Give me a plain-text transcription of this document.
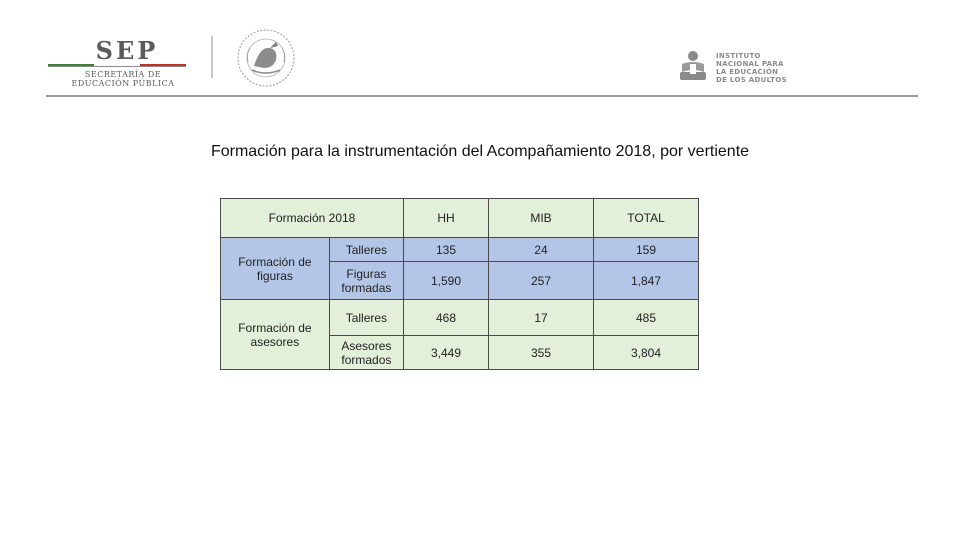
SEP
SECRETARÍA DE
EDUCACIÓN PÚBLICA
INSTITUTO
NACIONAL PARA
LA EDUCACIÓN
DE LOS ADULTOS
Formación para la instrumentación del Acompañamiento 2018, por vertiente
Formación 2018		HH	MIB	TOTAL
Formación de figuras	Talleres	135	24	159
	Figuras formadas	1,590	257	1,847
Formación de asesores	Talleres	468	17	485
	Asesores formados	3,449	355	3,804
